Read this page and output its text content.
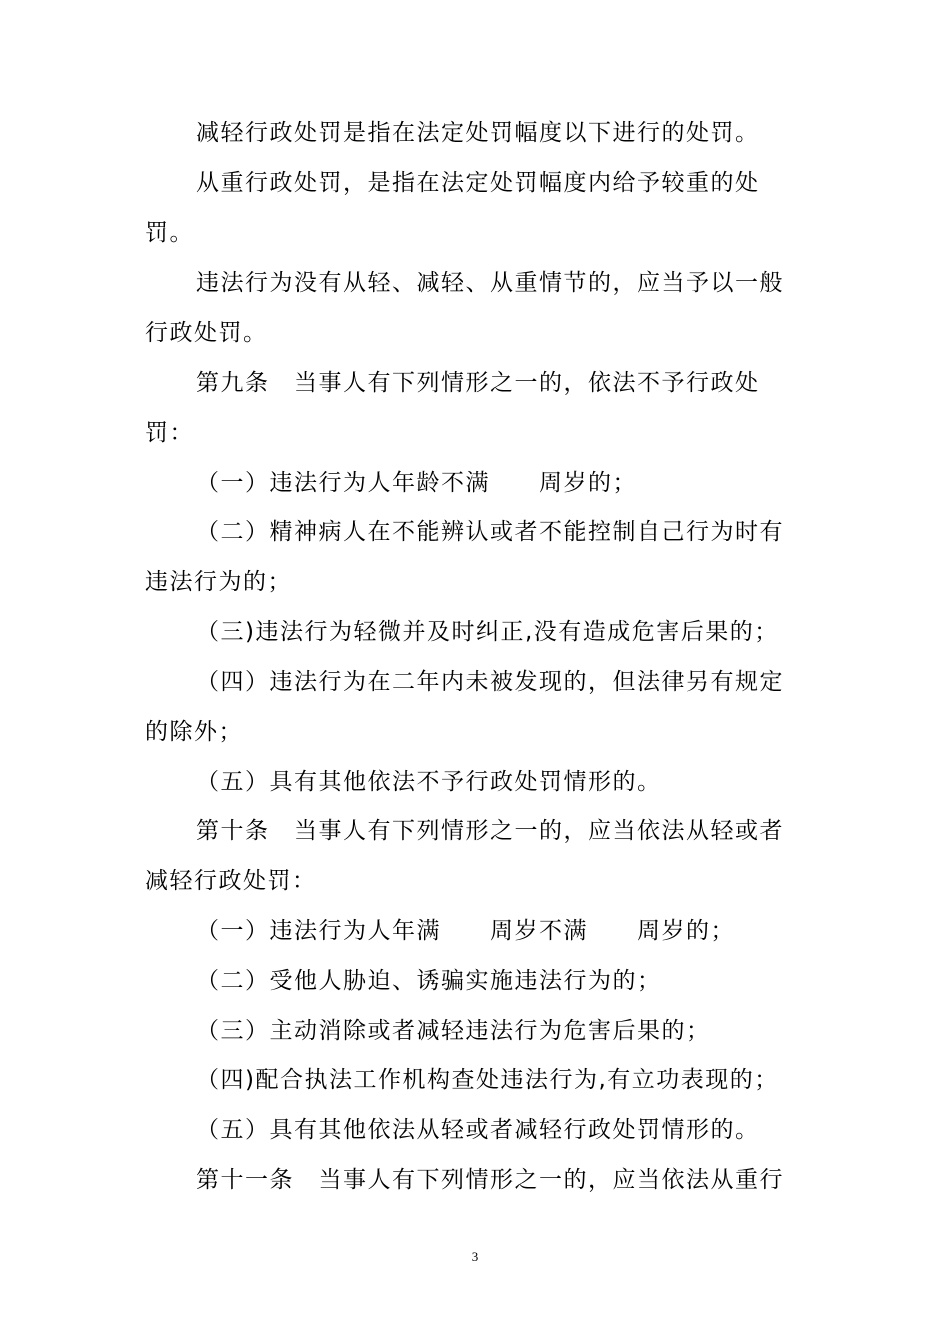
减轻行政处罚是指在法定处罚幅度以下进行的处罚。
从重行政处罚，是指在法定处罚幅度内给予较重的处
罚。
违法行为没有从轻、减轻、从重情节的，应当予以一般
行政处罚。
第九条　当事人有下列情形之一的，依法不予行政处
罚：
（一）违法行为人年龄不满　　周岁的；
（二）精神病人在不能辨认或者不能控制自己行为时有
违法行为的；
（三)违法行为轻微并及时纠正,没有造成危害后果的；
（四）违法行为在二年内未被发现的，但法律另有规定
的除外；
（五）具有其他依法不予行政处罚情形的。
第十条　当事人有下列情形之一的，应当依法从轻或者
减轻行政处罚：
（一）违法行为人年满　　周岁不满　　周岁的；
（二）受他人胁迫、诱骗实施违法行为的；
（三）主动消除或者减轻违法行为危害后果的；
（四)配合执法工作机构查处违法行为,有立功表现的；
（五）具有其他依法从轻或者减轻行政处罚情形的。
第十一条　当事人有下列情形之一的，应当依法从重行
3
